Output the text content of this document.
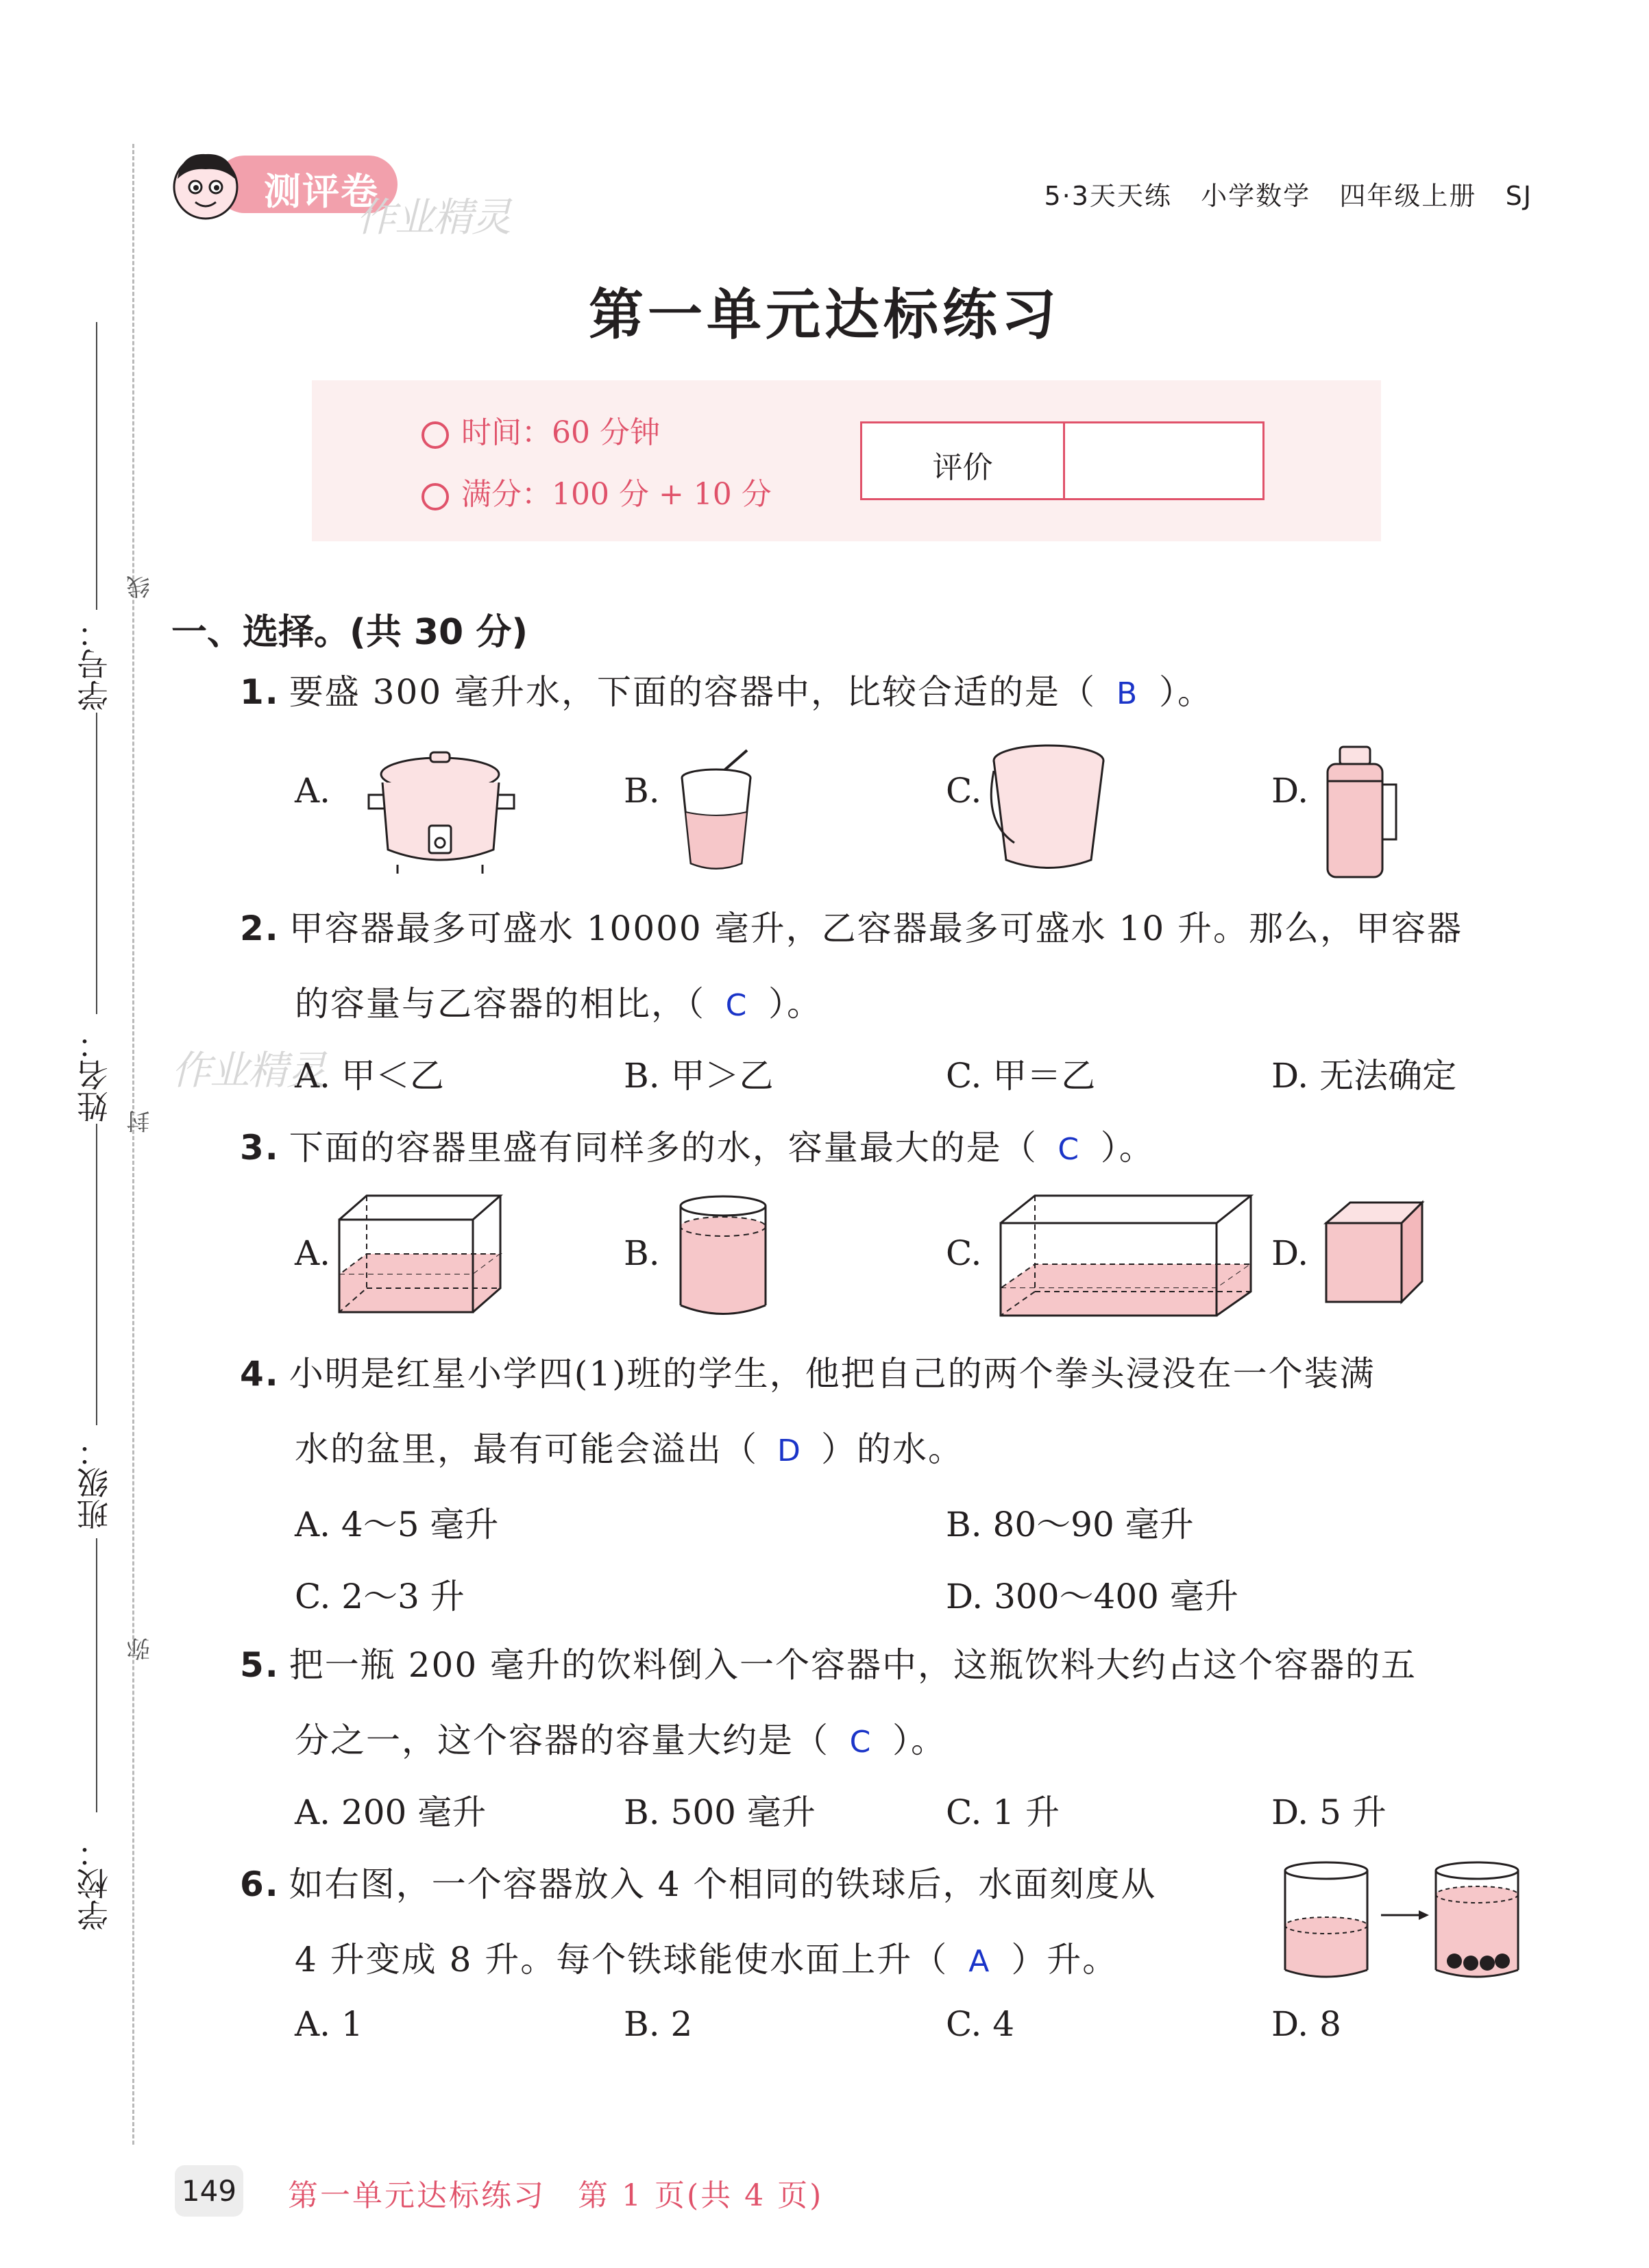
学号：
姓名：
班级：
学校：
线
封
弥
测评卷
作业精灵	5·3天天练 小学数学 四年级上册 SJ
第一单元达标练习
时间：60 分钟
满分：100 分 + 10 分
评价
一、选择。(共 30 分)
1. 要盛 300 毫升水，下面的容器中，比较合适的是（ B ）。
A.	B.	C.	D.
2. 甲容器最多可盛水 10000 毫升，乙容器最多可盛水 10 升。那么，甲容器
的容量与乙容器的相比，（ C ）。
作业精灵
A. 甲＜乙	B. 甲＞乙	C. 甲＝乙	D. 无法确定
3. 下面的容器里盛有同样多的水，容量最大的是（ C ）。
A.	B.	C.	D.
4. 小明是红星小学四(1)班的学生，他把自己的两个拳头浸没在一个装满
水的盆里，最有可能会溢出（ D ）的水。
A. 4～5 毫升	B. 80～90 毫升
C. 2～3 升	D. 300～400 毫升
5. 把一瓶 200 毫升的饮料倒入一个容器中，这瓶饮料大约占这个容器的五
分之一，这个容器的容量大约是（ C ）。
A. 200 毫升	B. 500 毫升	C. 1 升	D. 5 升
6. 如右图，一个容器放入 4 个相同的铁球后，水面刻度从
4 升变成 8 升。每个铁球能使水面上升（ A ）升。
A. 1	B. 2	C. 4	D. 8
149 第一单元达标练习　第 1 页(共 4 页)
